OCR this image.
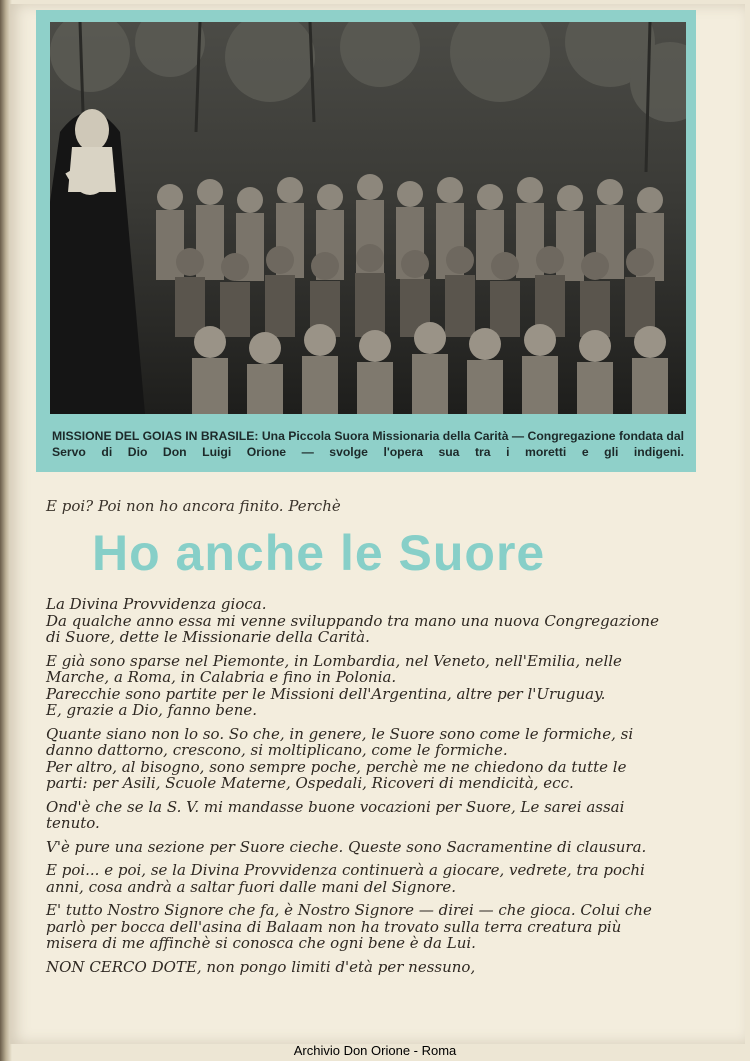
MISSIONE DEL GOIAS IN BRASILE: Una Piccola Suora Missionaria della Carità — Congregazione fondata dal Servo di Dio Don Luigi Orione — svolge l'opera sua tra i moretti e gli indigeni.
E poi? Poi non ho ancora finito. Perchè
Ho anche le Suore

La Divina Provvidenza gioca.
Da qualche anno essa mi venne sviluppando tra mano una nuova Congregazione di Suore, dette le Missionarie della Carità.

E già sono sparse nel Piemonte, in Lombardia, nel Veneto, nell'Emilia, nelle Marche, a Roma, in Calabria e fino in Polonia.
Parecchie sono partite per le Missioni dell'Argentina, altre per l'Uruguay.
E, grazie a Dio, fanno bene.

Quante siano non lo so. So che, in genere, le Suore sono come le formiche, si danno dattorno, crescono, si moltiplicano, come le formiche.
Per altro, al bisogno, sono sempre poche, perchè me ne chiedono da tutte le parti: per Asili, Scuole Materne, Ospedali, Ricoveri di mendicità, ecc.

Ond'è che se la S. V. mi mandasse buone vocazioni per Suore, Le sarei assai tenuto.

V'è pure una sezione per Suore cieche. Queste sono Sacramentine di clausura.

E poi... e poi, se la Divina Provvidenza continuerà a giocare, vedrete, tra pochi anni, cosa andrà a saltar fuori dalle mani del Signore.

E' tutto Nostro Signore che fa, è Nostro Signore — direi — che gioca. Colui che parlò per bocca dell'asina di Balaam non ha trovato sulla terra creatura più misera di me affinchè si conosca che ogni bene è da Lui.

NON CERCO DOTE, non pongo limiti d'età per nessuno,

Archivio Don Orione - Roma
